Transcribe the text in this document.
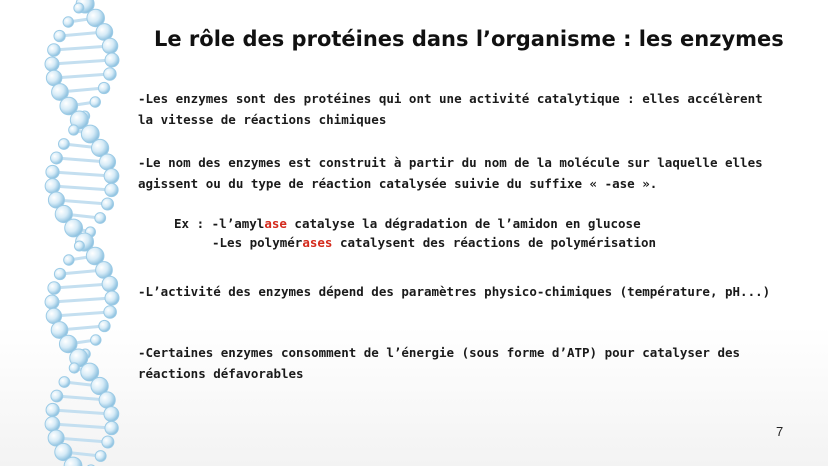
Le rôle des protéines dans l’organisme : les enzymes
-Les enzymes sont des protéines qui ont une activité catalytique : elles accélèrent la vitesse de réactions chimiques
-Le nom des enzymes est construit à partir du nom de la molécule sur laquelle elles agissent ou du type de réaction catalysée suivie du suffixe « -ase ».
Ex : -l’amylase catalyse la dégradation de l’amidon en glucose
-Les polymérases catalysent des réactions de polymérisation
-L’activité des enzymes dépend des paramètres physico-chimiques (température, pH...)
-Certaines enzymes consomment de l’énergie (sous forme d’ATP) pour catalyser des réactions défavorables
7
